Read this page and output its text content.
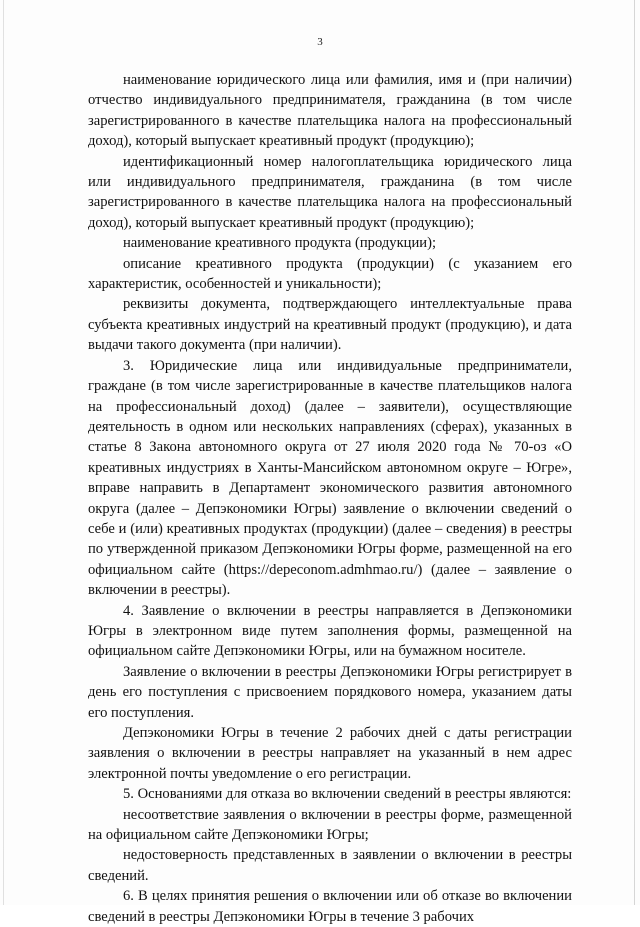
3

наименование юридического лица или фамилия, имя и (при наличии) отчество индивидуального предпринимателя, гражданина (в том числе зарегистрированного в качестве плательщика налога на профессиональный доход), который выпускает креативный продукт (продукцию);

идентификационный номер налогоплательщика юридического лица или индивидуального предпринимателя, гражданина (в том числе зарегистрированного в качестве плательщика налога на профессиональный доход), который выпускает креативный продукт (продукцию);

наименование креативного продукта (продукции);

описание креативного продукта (продукции) (с указанием его характеристик, особенностей и уникальности);

реквизиты документа, подтверждающего интеллектуальные права субъекта креативных индустрий на креативный продукт (продукцию), и дата выдачи такого документа (при наличии).

3. Юридические лица или индивидуальные предприниматели, граждане (в том числе зарегистрированные в качестве плательщиков налога на профессиональный доход) (далее – заявители), осуществляющие деятельность в одном или нескольких направлениях (сферах), указанных в статье 8 Закона автономного округа от 27 июля 2020 года № 70-оз «О креативных индустриях в Ханты-Мансийском автономном округе – Югре», вправе направить в Департамент экономического развития автономного округа (далее – Депэкономики Югры) заявление о включении сведений о себе и (или) креативных продуктах (продукции) (далее – сведения) в реестры по утвержденной приказом Депэкономики Югры форме, размещенной на его официальном сайте (https://depeconom.admhmao.ru/) (далее – заявление о включении в реестры).

4. Заявление о включении в реестры направляется в Депэкономики Югры в электронном виде путем заполнения формы, размещенной на официальном сайте Депэкономики Югры, или на бумажном носителе.

Заявление о включении в реестры Депэкономики Югры регистрирует в день его поступления с присвоением порядкового номера, указанием даты его поступления.

Депэкономики Югры в течение 2 рабочих дней с даты регистрации заявления о включении в реестры направляет на указанный в нем адрес электронной почты уведомление о его регистрации.

5. Основаниями для отказа во включении сведений в реестры являются:

несоответствие заявления о включении в реестры форме, размещенной на официальном сайте Депэкономики Югры;

недостоверность представленных в заявлении о включении в реестры сведений.

6. В целях принятия решения о включении или об отказе во включении сведений в реестры Депэкономики Югры в течение 3 рабочих
